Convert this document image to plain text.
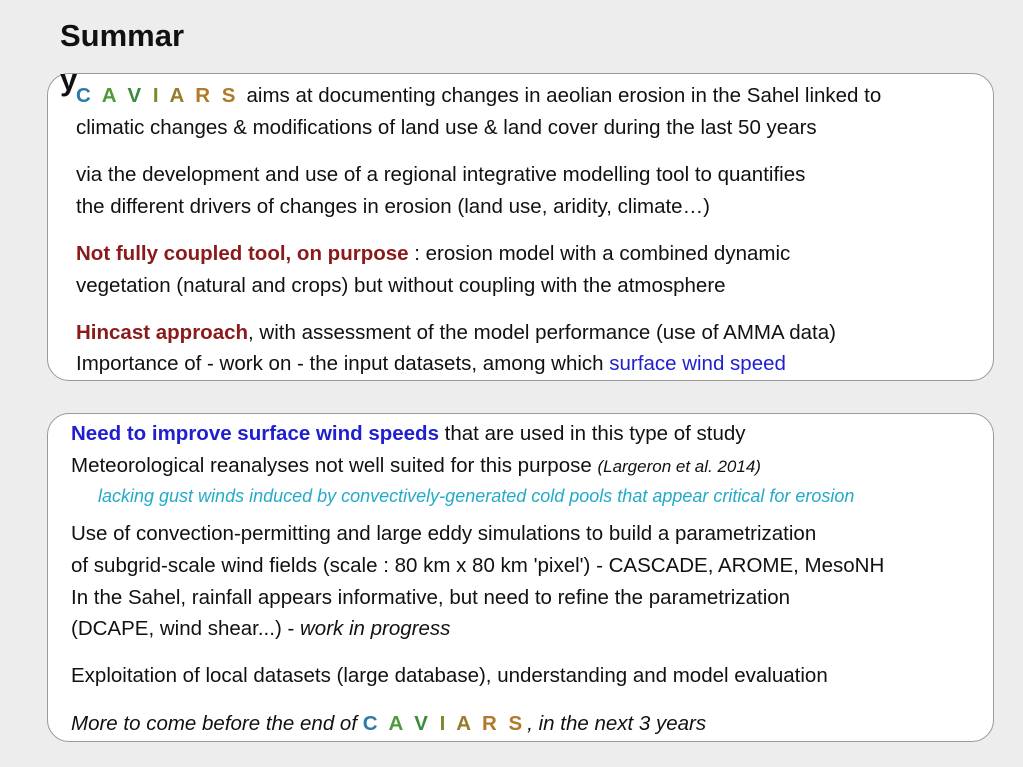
Summary
C A V I A R S aims at documenting changes in aeolian erosion in the Sahel linked to
climatic changes & modifications of land use & land cover during the last 50 years
via the development and use of a regional integrative modelling tool to quantifies
the different drivers of changes in erosion (land use, aridity, climate…)
Not fully coupled tool, on purpose : erosion model with a combined dynamic
vegetation (natural and crops) but without coupling with the atmosphere
Hincast approach, with assessment of the model performance (use of AMMA data)
Importance of - work on - the input datasets, among which surface wind speed
Need to improve surface wind speeds that are used in this type of study
Meteorological reanalyses not well suited for this purpose (Largeron et al. 2014)
lacking gust winds induced by convectively-generated cold pools that appear critical for erosion
Use of convection-permitting and large eddy simulations to build a parametrization
of subgrid-scale wind fields (scale : 80 km x 80 km 'pixel') - CASCADE, AROME, MesoNH
In the Sahel, rainfall appears informative, but need to refine the parametrization
(DCAPE, wind shear...) - work in progress
Exploitation of local datasets (large database), understanding and model evaluation
More to come before the end of C A V I A R S, in the next 3 years
